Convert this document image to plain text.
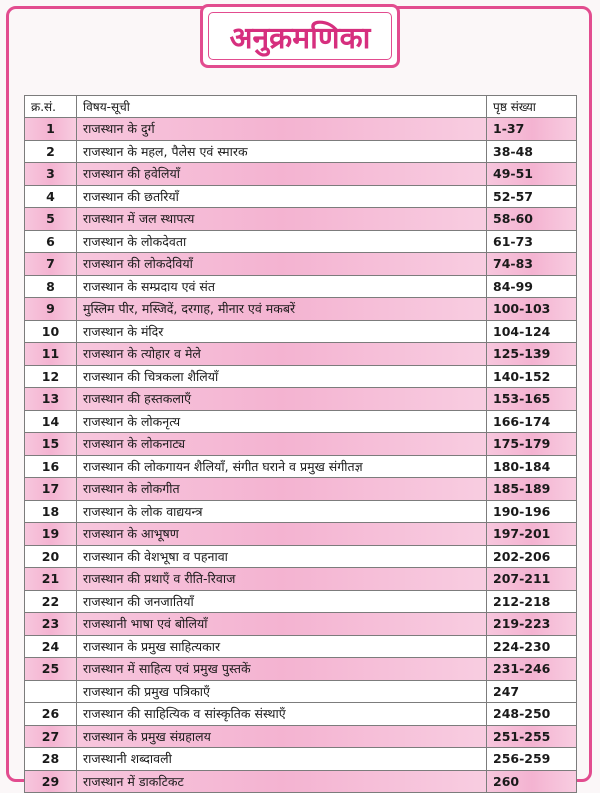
अनुक्रमणिका
क्र.सं.	विषय-सूची	पृष्ठ संख्या
1	राजस्थान के दुर्ग	1-37
2	राजस्थान के महल, पैलेस एवं स्मारक	38-48
3	राजस्थान की हवेलियाँ	49-51
4	राजस्थान की छतरियाँ	52-57
5	राजस्थान में जल स्थापत्य	58-60
6	राजस्थान के लोकदेवता	61-73
7	राजस्थान की लोकदेवियाँ	74-83
8	राजस्थान के सम्प्रदाय एवं संत	84-99
9	मुस्लिम पीर, मस्जिदें, दरगाह, मीनार एवं मकबरें	100-103
10	राजस्थान के मंदिर	104-124
11	राजस्थान के त्योहार व मेले	125-139
12	राजस्थान की चित्रकला शैलियाँ	140-152
13	राजस्थान की हस्तकलाएँ	153-165
14	राजस्थान के लोकनृत्य	166-174
15	राजस्थान के लोकनाट्य	175-179
16	राजस्थान की लोकगायन शैलियाँ, संगीत घराने व प्रमुख संगीतज्ञ	180-184
17	राजस्थान के लोकगीत	185-189
18	राजस्थान के लोक वाद्ययन्त्र	190-196
19	राजस्थान के आभूषण	197-201
20	राजस्थान की वेशभूषा व पहनावा	202-206
21	राजस्थान की प्रथाएँ व रीति-रिवाज	207-211
22	राजस्थान की जनजातियाँ	212-218
23	राजस्थानी भाषा एवं बोलियाँ	219-223
24	राजस्थान के प्रमुख साहित्यकार	224-230
25	राजस्थान में साहित्य एवं प्रमुख पुस्तकें	231-246
	राजस्थान की प्रमुख पत्रिकाएँ	247
26	राजस्थान की साहित्यिक व सांस्कृतिक संस्थाएँ	248-250
27	राजस्थान के प्रमुख संग्रहालय	251-255
28	राजस्थानी शब्दावली	256-259
29	राजस्थान में डाकटिकट	260
